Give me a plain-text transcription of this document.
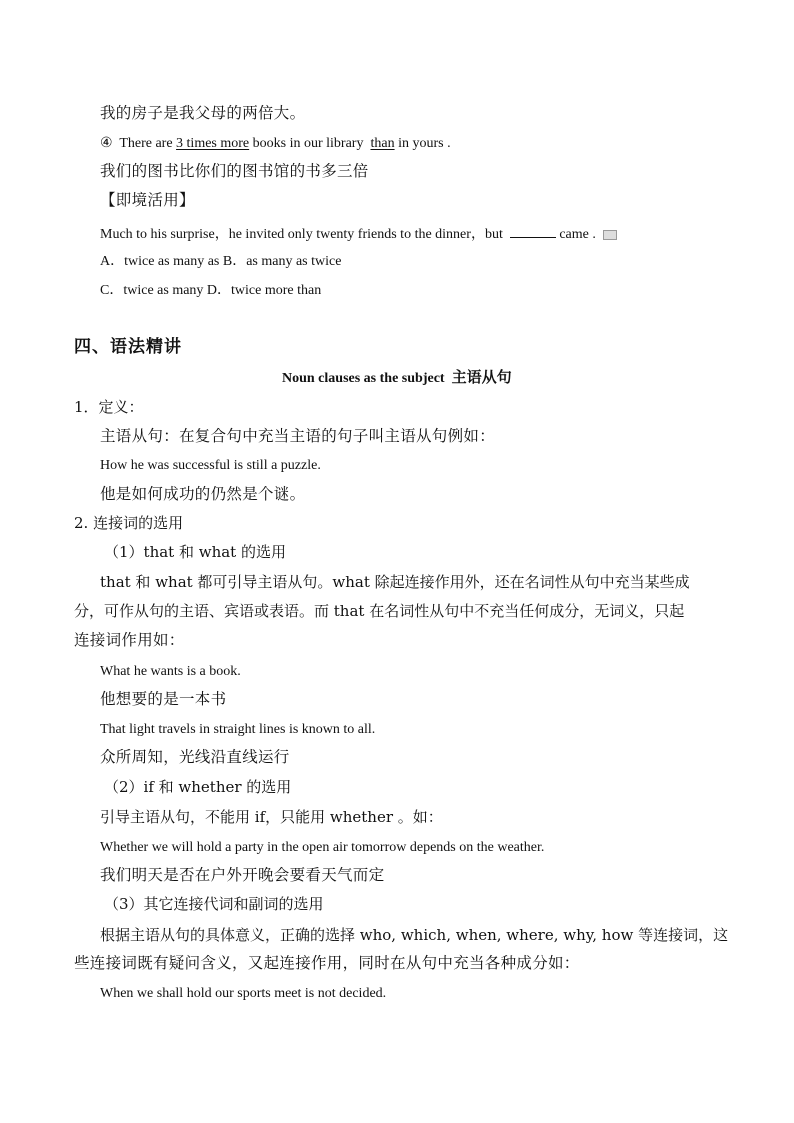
我的房子是我父母的两倍大。
④ There are 3 times more books in our library than in yours .
我们的图书比你们的图书馆的书多三倍
【即境活用】
Much to his surprise，he invited only twenty friends to the dinner，but	came .
A．twice as many as B．as many as twice
C．twice as many D．twice more than
四、语法精讲
Noun clauses as the subject 主语从句
1．定义：
主语从句：在复合句中充当主语的句子叫主语从句例如：
How he was successful is still a puzzle.
他是如何成功的仍然是个谜。
2. 连接词的选用
（1）that 和 what 的选用
that 和 what 都可引导主语从句。what 除起连接作用外，还在名词性从句中充当某些成
分，可作从句的主语、宾语或表语。而 that 在名词性从句中不充当任何成分，无词义，只起
连接词作用如：
What he wants is a book.
他想要的是一本书
That light travels in straight lines is known to all.
众所周知，光线沿直线运行
（2）if 和 whether 的选用
引导主语从句，不能用 if，只能用 whether 。如：
Whether we will hold a party in the open air tomorrow depends on the weather.
我们明天是否在户外开晚会要看天气而定
（3）其它连接代词和副词的选用
根据主语从句的具体意义，正确的选择 who, which, when, where, why, how 等连接词，这
些连接词既有疑问含义，又起连接作用，同时在从句中充当各种成分如：
When we shall hold our sports meet is not decided.
